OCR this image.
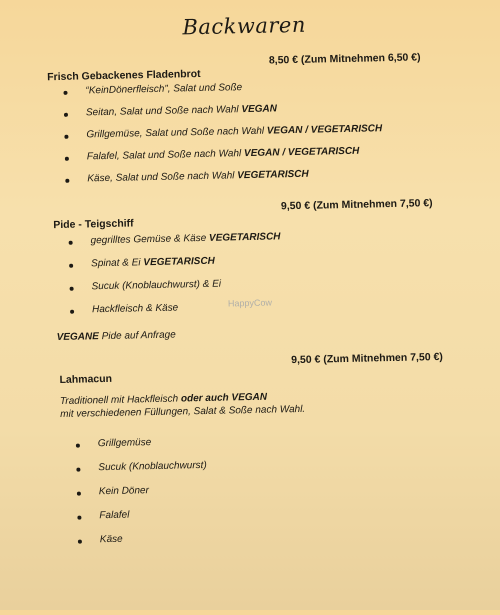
Backwaren
Frisch Gebackenes Fladenbrot
8,50 € (Zum Mitnehmen 6,50 €)
“KeinDönerfleisch”, Salat und Soße
Seitan, Salat und Soße nach Wahl VEGAN
Grillgemüse, Salat und Soße nach Wahl VEGAN / VEGETARISCH
Falafel, Salat und Soße nach Wahl VEGAN / VEGETARISCH
Käse, Salat und Soße nach Wahl VEGETARISCH
Pide - Teigschiff
9,50 € (Zum Mitnehmen 7,50 €)
gegrilltes Gemüse & Käse VEGETARISCH
Spinat & Ei VEGETARISCH
Sucuk (Knoblauchwurst) & Ei
Hackfleisch & Käse
VEGANE Pide auf Anfrage
Lahmacun
9,50 € (Zum Mitnehmen 7,50 €)
Traditionell mit Hackfleisch oder auch VEGAN
mit verschiedenen Füllungen, Salat & Soße nach Wahl.
Grillgemüse
Sucuk (Knoblauchwurst)
Kein Döner
Falafel
Käse
HappyCow
